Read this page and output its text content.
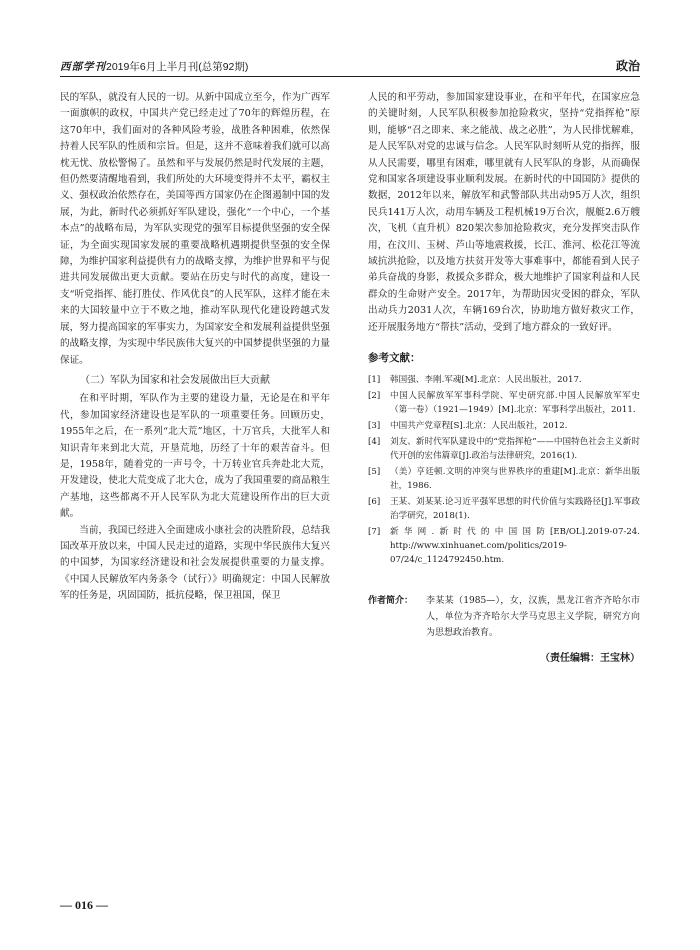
西部学刊 2019年6月上半月刊(总第92期)	政治

民的军队，就没有人民的一切。从新中国成立至今，作为广西军一面旗帜的政权，中国共产党已经走过了70年的辉煌历程，在这70年中，我们面对的各种风险考验，战胜各种困难，依然保持着人民军队的性质和宗旨。但是，这并不意味着我们就可以高枕无忧、放松警惕了。虽然和平与发展仍然是时代发展的主题，但仍然要清醒地看到，我们所处的大环境变得并不太平，霸权主义、强权政治依然存在，美国等西方国家仍在企图遏制中国的发展，为此，新时代必须抓好军队建设，强化“一个中心，一个基本点”的战略布局，为军队实现党的强军目标提供坚强的安全保证，为全面实现国家发展的重要战略机遇期提供坚强的安全保障，为维护国家利益提供有力的战略支撑，为维护世界和平与促进共同发展做出更大贡献。要站在历史与时代的高度，建设一支“听党指挥、能打胜仗、作风优良”的人民军队，这样才能在未来的大国较量中立于不败之地，推动军队现代化建设跨越式发展，努力提高国家的军事实力，为国家安全和发展利益提供坚强的战略支撑，为实现中华民族伟大复兴的中国梦提供坚强的力量保证。

（二）军队为国家和社会发展做出巨大贡献

在和平时期，军队作为主要的建设力量，无论是在和平年代，参加国家经济建设也是军队的一项重要任务。回顾历史，1955年之后，在一系列“北大荒”地区，十万官兵，大批军人和知识青年来到北大荒，开垦荒地，历经了十年的艰苦奋斗。但是，1958年，随着党的一声号令，十万转业官兵奔赴北大荒，开发建设，使北大荒变成了北大仓，成为了我国重要的商品粮生产基地，这些都离不开人民军队为北大荒建设所作出的巨大贡献。

当前，我国已经进入全面建成小康社会的决胜阶段，总结我国改革开放以来，中国人民走过的道路，实现中华民族伟大复兴的中国梦，为国家经济建设和社会发展提供重要的力量支撑。《中国人民解放军内务条令（试行）》明确规定：中国人民解放军的任务是，巩固国防，抵抗侵略，保卫祖国，保卫

人民的和平劳动，参加国家建设事业，在和平年代，在国家应急的关键时刻，人民军队积极参加抢险救灾，坚持“党指挥枪”原则，能够“召之即来、来之能战、战之必胜”，为人民排忧解难，是人民军队对党的忠诚与信念。人民军队时刻听从党的指挥，服从人民需要，哪里有困难，哪里就有人民军队的身影，从而确保党和国家各项建设事业顺利发展。在新时代的中国国防》提供的数据，2012年以来，解放军和武警部队共出动95万人次，组织民兵141万人次，动用车辆及工程机械19万台次，舰艇2.6万艘次，飞机（直升机）820架次参加抢险救灾，充分发挥突击队作用，在汶川、玉树、芦山等地震救援，长江、淮河、松花江等流域抗洪抢险，以及地方扶贫开发等大事难事中，都能看到人民子弟兵奋战的身影，救援众多群众，极大地维护了国家利益和人民群众的生命财产安全。2017年，为帮助因灾受困的群众，军队出动兵力2031人次，车辆169台次，协助地方做好救灾工作，还开展服务地方“帮扶”活动，受到了地方群众的一致好评。

参考文献：
[1]	韩国强、李刚.军魂[M].北京：人民出版社，2017.
[2]	中国人民解放军军事科学院、军史研究部.中国人民解放军军史（第一卷）（1921—1949）[M].北京：军事科学出版社，2011.
[3]	中国共产党章程[S].北京：人民出版社，2012.
[4]	刘友、新时代军队建设中的“党指挥枪”——中国特色社会主义新时代开创的宏伟篇章[J].政治与法律研究，2016(1).
[5]	（美）亨廷顿.文明的冲突与世界秩序的重建[M].北京：新华出版社，1986.
[6]	王某、刘某某.论习近平强军思想的时代价值与实践路径[J].军事政治学研究，2018(1).
[7]	新华网.新时代的中国国防[EB/OL].2019-07-24. http://www.xinhuanet.com/politics/2019-07/24/c_1124792450.htm.
作者简介：	李某某（1985—），女，汉族，黑龙江省齐齐哈尔市人，单位为齐齐哈尔大学马克思主义学院，研究方向为思想政治教育。
（责任编辑：王宝林）
— 016 —
